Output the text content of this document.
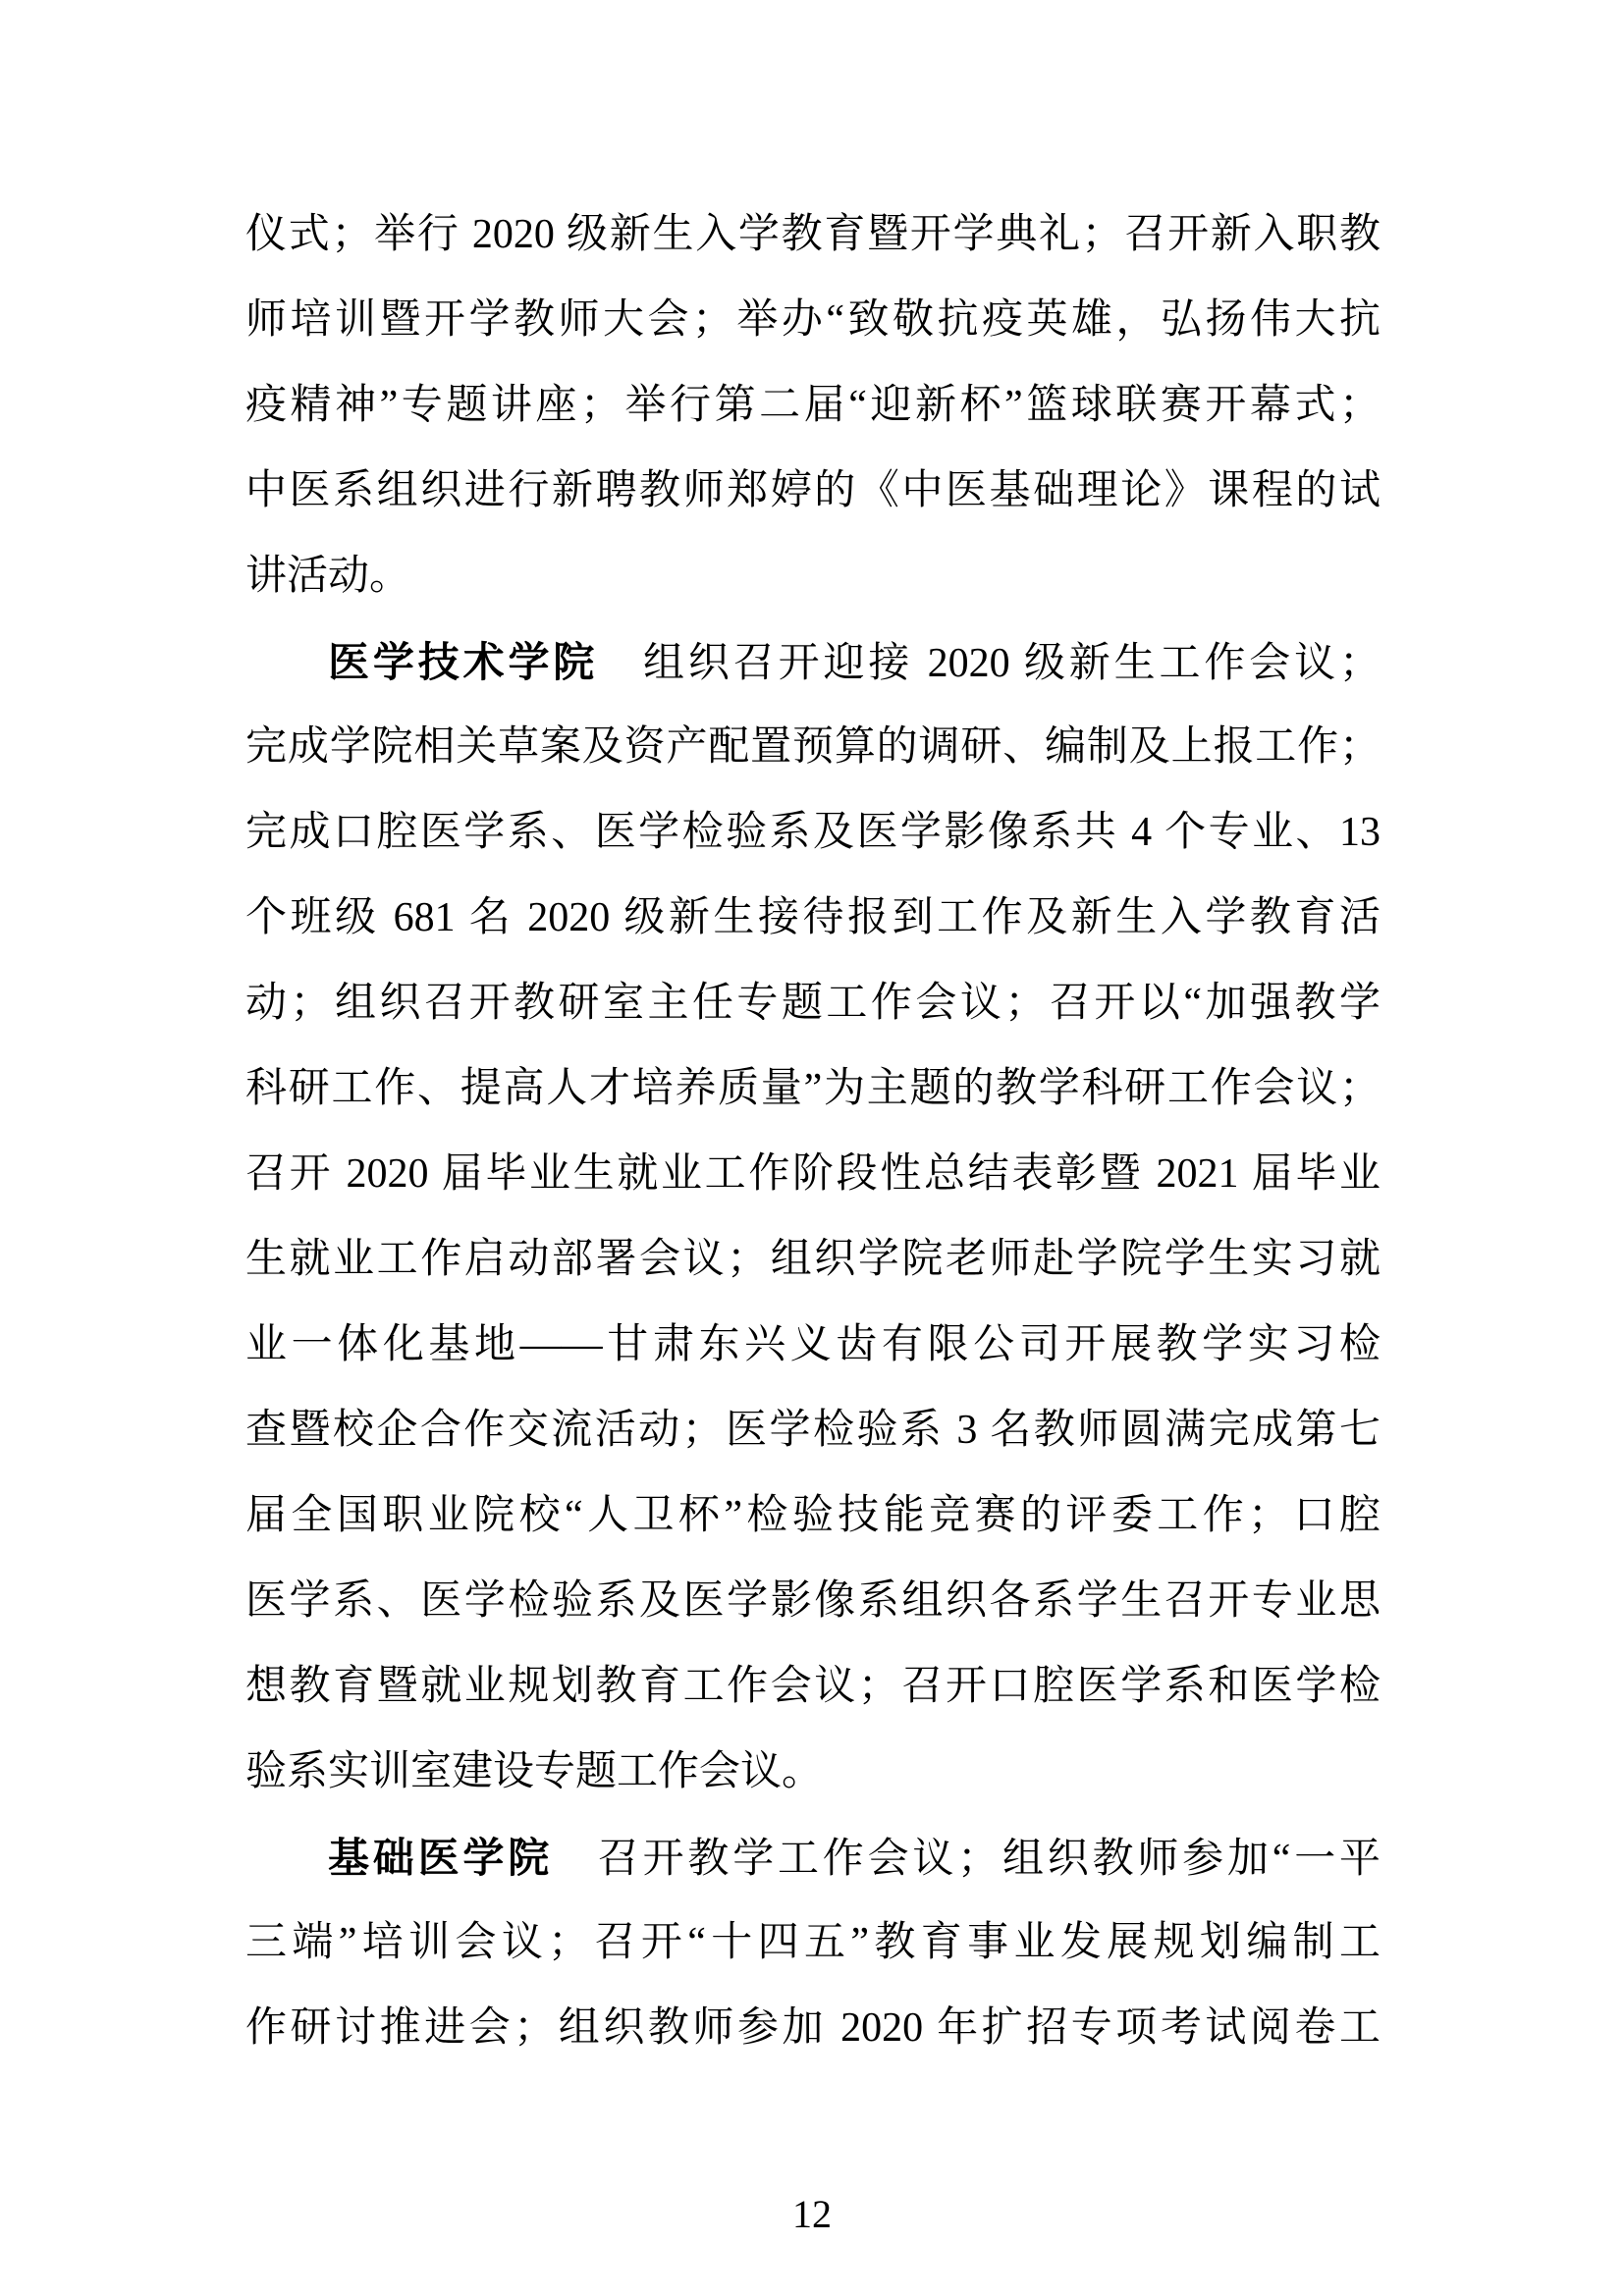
仪式；举行 2020 级新生入学教育暨开学典礼；召开新入职教
师培训暨开学教师大会；举办“致敬抗疫英雄，弘扬伟大抗
疫精神”专题讲座；举行第二届“迎新杯”篮球联赛开幕式；
中医系组织进行新聘教师郑婷的《中医基础理论》课程的试
讲活动。
医学技术学院　组织召开迎接 2020 级新生工作会议；
完成学院相关草案及资产配置预算的调研、编制及上报工作；
完成口腔医学系、医学检验系及医学影像系共 4 个专业、13
个班级 681 名 2020 级新生接待报到工作及新生入学教育活
动；组织召开教研室主任专题工作会议；召开以“加强教学
科研工作、提高人才培养质量”为主题的教学科研工作会议；
召开 2020 届毕业生就业工作阶段性总结表彰暨 2021 届毕业
生就业工作启动部署会议；组织学院老师赴学院学生实习就
业一体化基地——甘肃东兴义齿有限公司开展教学实习检
查暨校企合作交流活动；医学检验系 3 名教师圆满完成第七
届全国职业院校“人卫杯”检验技能竞赛的评委工作；口腔
医学系、医学检验系及医学影像系组织各系学生召开专业思
想教育暨就业规划教育工作会议；召开口腔医学系和医学检
验系实训室建设专题工作会议。
基础医学院　召开教学工作会议；组织教师参加“一平
三端”培训会议；召开“十四五”教育事业发展规划编制工
作研讨推进会；组织教师参加 2020 年扩招专项考试阅卷工
12
